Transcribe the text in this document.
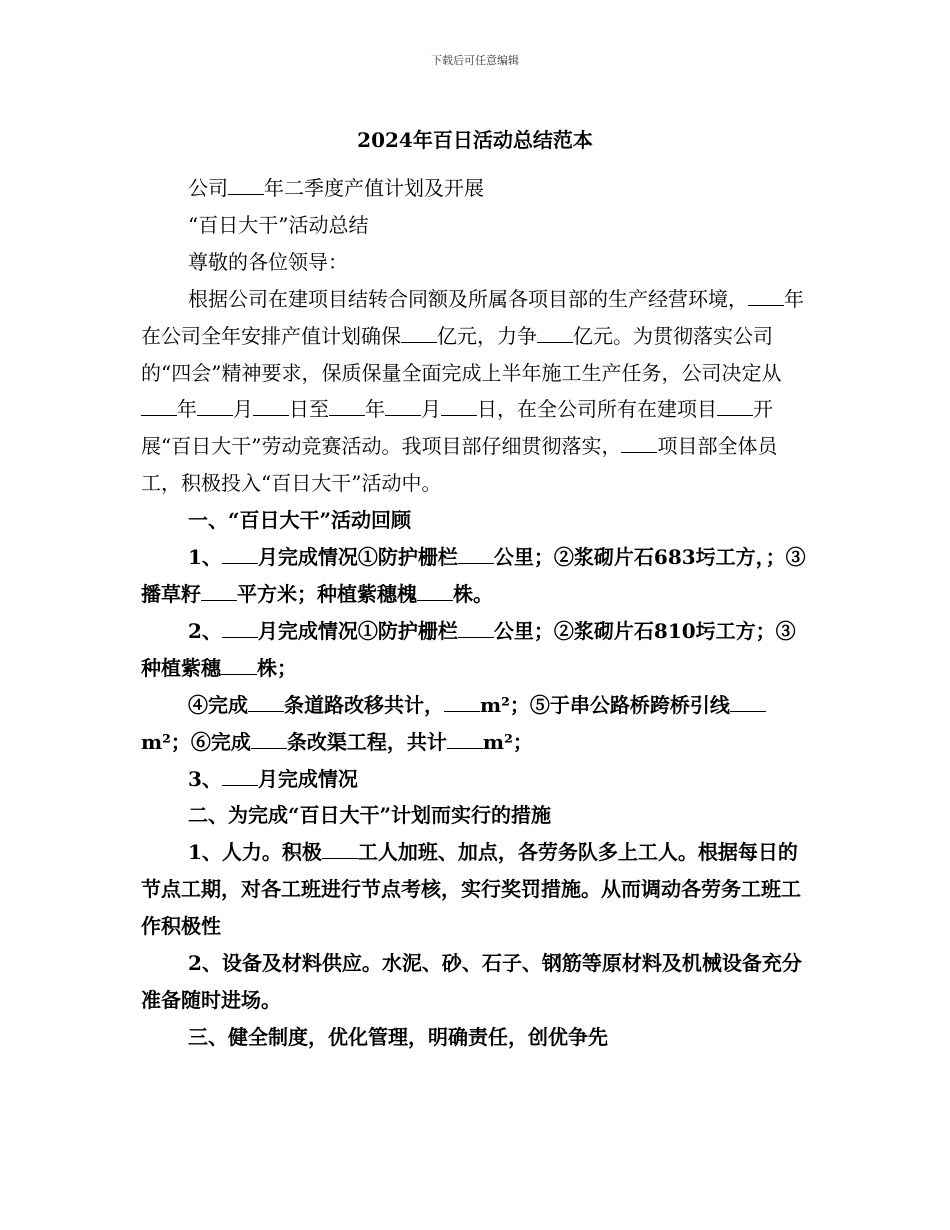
下载后可任意编辑
2024年百日活动总结范本

公司 年二季度产值计划及开展

“百日大干”活动总结

尊敬的各位领导：

根据公司在建项目结转合同额及所属各项目部的生产经营环境， 年在公司全年安排产值计划确保 亿元，力争 亿元。为贯彻落实公司的“四会”精神要求，保质保量全面完成上半年施工生产任务，公司决定从年 月 日至 年 月 日，在全公司所有在建项目 开展“百日大干”劳动竞赛活动。我项目部仔细贯彻落实， 项目部全体员工，积极投入“百日大干”活动中。

一、“百日大干”活动回顾

1、 月完成情况①防护栅栏 公里；②浆砌片石683圬工方，；③播草籽 平方米；种植紫穗槐 株。

2、 月完成情况①防护栅栏 公里；②浆砌片石810圬工方；③种植紫穗 株；

④完成 条道路改移共计， m²；⑤于串公路桥跨桥引线m²；⑥完成 条改渠工程，共计 m²；

3、 月完成情况

二、为完成“百日大干”计划而实行的措施

1、人力。积极 工人加班、加点，各劳务队多上工人。根据每日的节点工期，对各工班进行节点考核，实行奖罚措施。从而调动各劳务工班工作积极性

2、设备及材料供应。水泥、砂、石子、钢筋等原材料及机械设备充分准备随时进场。

三、健全制度，优化管理，明确责任，创优争先
